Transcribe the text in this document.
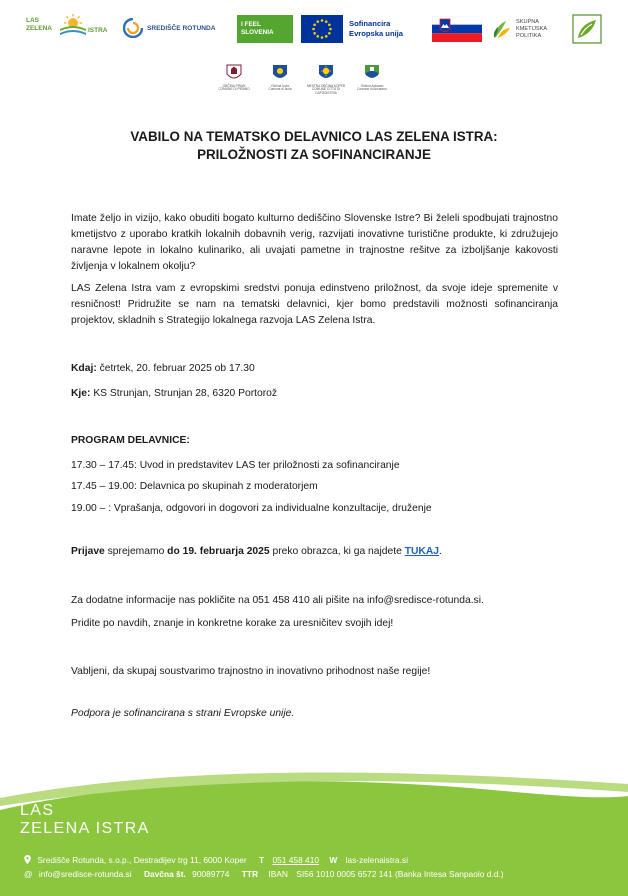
LAS
ZELENA	ISTRA	SREDIŠČE ROTUNDA	I FEEL
SLOVENIA
Sofinancira
Evropska unija
SKUPNA
KMETIJSKA
POLITIKA
OBČINA PIRAN
COMUNE DI PIRANO
Občina Izola
Comune di Isola
MESTNA OBČINA KOPER
COMUNE CITTÀ DI CAPODISTRIA
Občina Ankaran
Comune di Ancarano
VABILO NA TEMATSKO DELAVNICO LAS ZELENA ISTRA:
PRILOŽNOSTI ZA SOFINANCIRANJE

Imate željo in vizijo, kako obuditi bogato kulturno dediščino Slovenske Istre? Bi želeli spodbujati trajnostno kmetijstvo z uporabo kratkih lokalnih dobavnih verig, razvijati inovativne turistične produkte, ki združujejo naravne lepote in lokalno kulinariko, ali uvajati pametne in trajnostne rešitve za izboljšanje kakovosti življenja v lokalnem okolju?

LAS Zelena Istra vam z evropskimi sredstvi ponuja edinstveno priložnost, da svoje ideje spremenite v resničnost! Pridružite se nam na tematski delavnici, kjer bomo predstavili možnosti sofinanciranja projektov, skladnih s Strategijo lokalnega razvoja LAS Zelena Istra.

Kdaj: četrtek, 20. februar 2025 ob 17.30

Kje: KS Strunjan, Strunjan 28, 6320 Portorož

PROGRAM DELAVNICE:

17.30 – 17.45: Uvod in predstavitev LAS ter priložnosti za sofinanciranje

17.45 – 19.00: Delavnica po skupinah z moderatorjem

19.00 – : Vprašanja, odgovori in dogovori za individualne konzultacije, druženje

Prijave sprejemamo do 19. februarja 2025 preko obrazca, ki ga najdete TUKAJ.

Za dodatne informacije nas pokličite na 051 458 410 ali pišite na info@sredisce-rotunda.si.

Pridite po navdih, znanje in konkretne korake za uresničitev svojih idej!

Vabljeni, da skupaj soustvarimo trajnostno in inovativno prihodnost naše regije!

Podpora je sofinancirana s strani Evropske unije.

LAS
ZELENA ISTRA
Središče Rotunda, s.o.p., Destradijev trg 11, 6000 Koper T 051 458 410 W las-zelenaistra.si
@ info@sredisce-rotunda.si Davčna št. 90089774 TTR IBAN SI56 1010 0005 6572 141 (Banka Intesa Sanpaolo d.d.)
